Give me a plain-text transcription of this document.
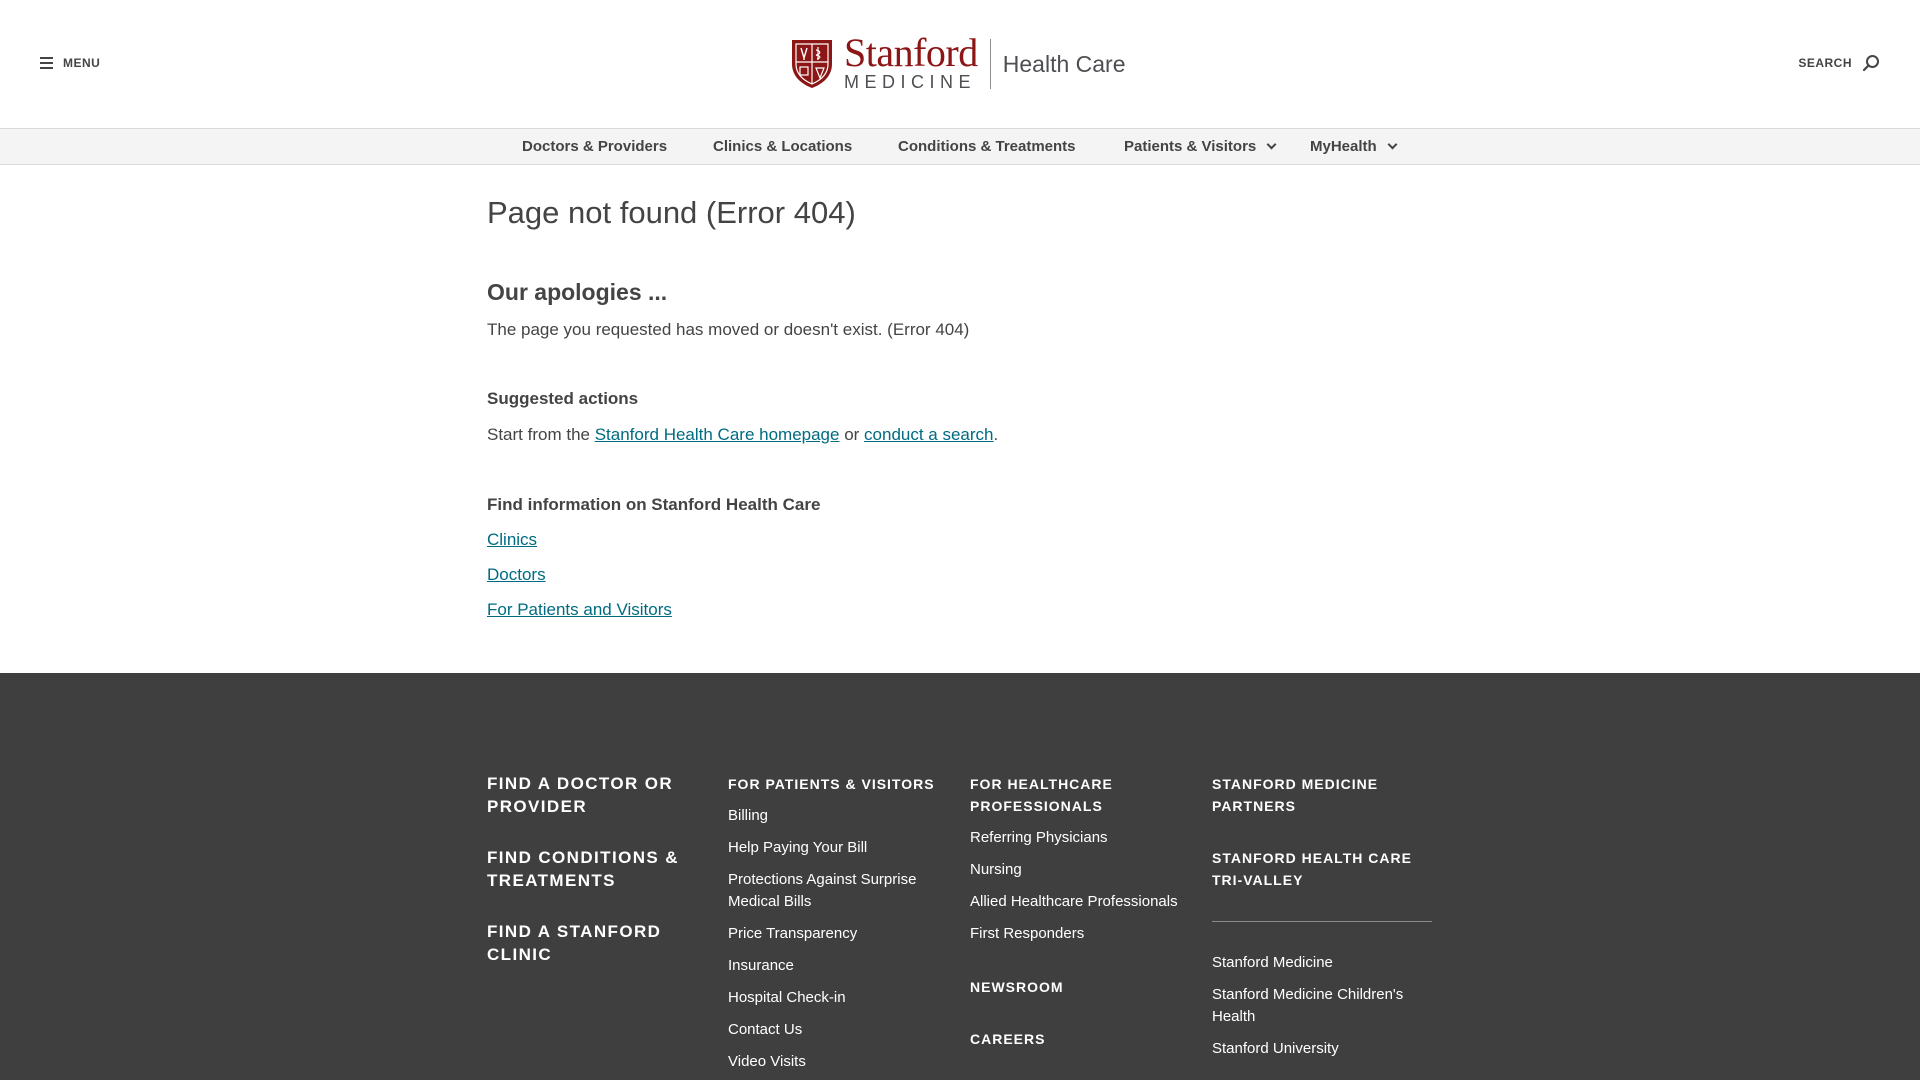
MENU	Stanford
MEDICINE
Health Care	SEARCH
Doctors & Providers	Clinics & Locations	Conditions & Treatments	Patients & Visitors	MyHealth
Page not found (Error 404)
Our apologies ...

The page you requested has moved or doesn't exist. (Error 404)

Suggested actions

Start from the Stanford Health Care homepage or conduct a search.

Find information on Stanford Health Care
Clinics
Doctors
For Patients and Visitors
FIND A DOCTOR OR PROVIDER
FIND CONDITIONS & TREATMENTS
FIND A STANFORD CLINIC
FOR PATIENTS & VISITORS
Billing
Help Paying Your Bill
Protections Against Surprise Medical Bills
Price Transparency
Insurance
Hospital Check-in
Contact Us
Video Visits
FOR HEALTHCARE PROFESSIONALS
Referring Physicians
Nursing
Allied Healthcare Professionals
First Responders
NEWSROOM
CAREERS
STANFORD MEDICINE PARTNERS
STANFORD HEALTH CARE TRI-VALLEY
Stanford Medicine
Stanford Medicine Children's Health
Stanford University
